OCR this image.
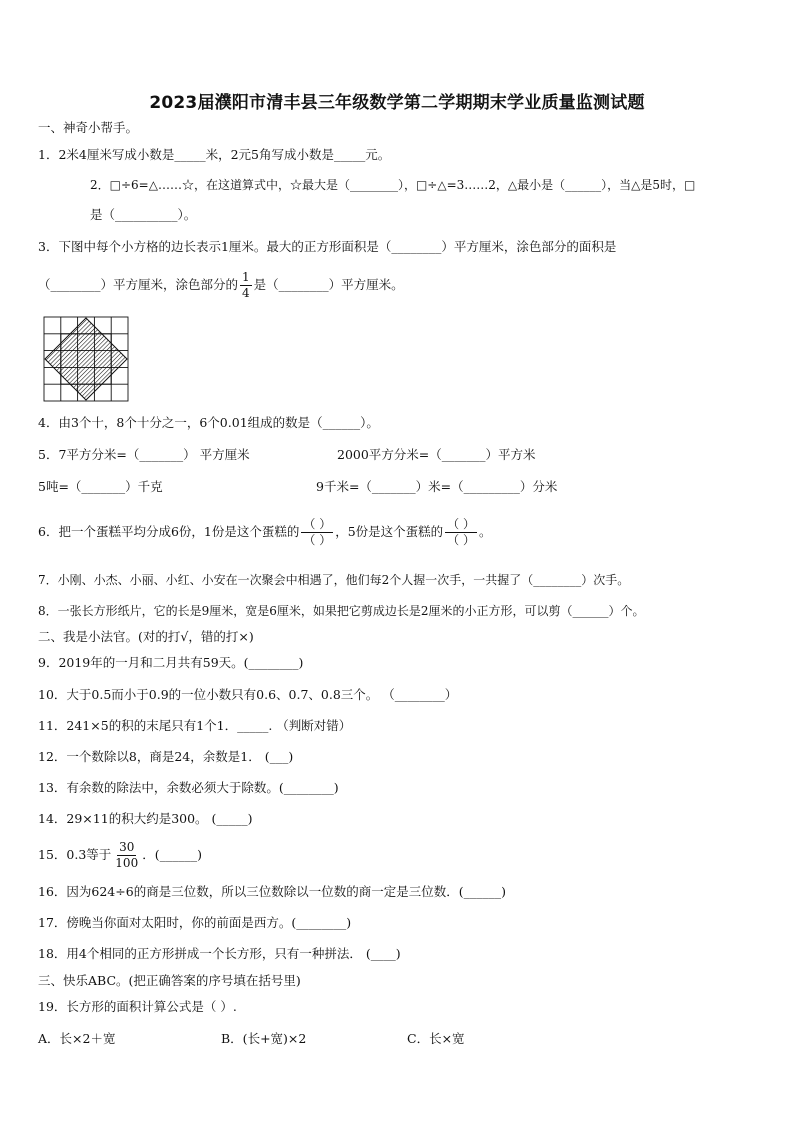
2023届濮阳市清丰县三年级数学第二学期期末学业质量监测试题
一、神奇小帮手。
1．2米4厘米写成小数是_____米，2元5角写成小数是_____元。
2．□÷6=△……☆，在这道算式中，☆最大是（________），□÷△=3……2，△最小是（______），当△是5时，□
是（__________）。
3．下图中每个小方格的边长表示1厘米。最大的正方形面积是（________）平方厘米，涂色部分的面积是
（________）平方厘米，涂色部分的 $\frac{1}{4}$ 是（________）平方厘米。
4．由3个十，8个十分之一，6个0.01组成的数是（______）。
5．7平方分米=（_______） 平方厘米	2000平方分米=（_______）平方米
5吨=（_______）千克	9千米=（_______）米=（_________）分米
6．把一个蛋糕平均分成6份，1份是这个蛋糕的 $\frac{( )}{( )}$ ，5份是这个蛋糕的 $\frac{( )}{( )}$ 。
7．小刚、小杰、小丽、小红、小安在一次聚会中相遇了，他们每2个人握一次手，一共握了（________）次手。
8．一张长方形纸片，它的长是9厘米，宽是6厘米，如果把它剪成边长是2厘米的小正方形，可以剪（______）个。
二、我是小法官。(对的打√，错的打×)
9．2019年的一月和二月共有59天。(________)
10．大于0.5而小于0.9的一位小数只有0.6、0.7、0.8三个。 （________）
11．241×5的积的末尾只有1个1．_____. （判断对错）
12．一个数除以8，商是24，余数是1． (___)
13．有余数的除法中，余数必须大于除数。(________)
14．29×11的积大约是300。 (_____)
15．0.3等于 $\frac{30}{100}$ ．(______)
16．因为624÷6的商是三位数，所以三位数除以一位数的商一定是三位数．(______)
17．傍晚当你面对太阳时，你的前面是西方。(________)
18．用4个相同的正方形拼成一个长方形，只有一种拼法． (____)
三、快乐ABC。(把正确答案的序号填在括号里)
19．长方形的面积计算公式是（ ）.
A．长×2＋宽	B．(长+宽)×2	C．长×宽
